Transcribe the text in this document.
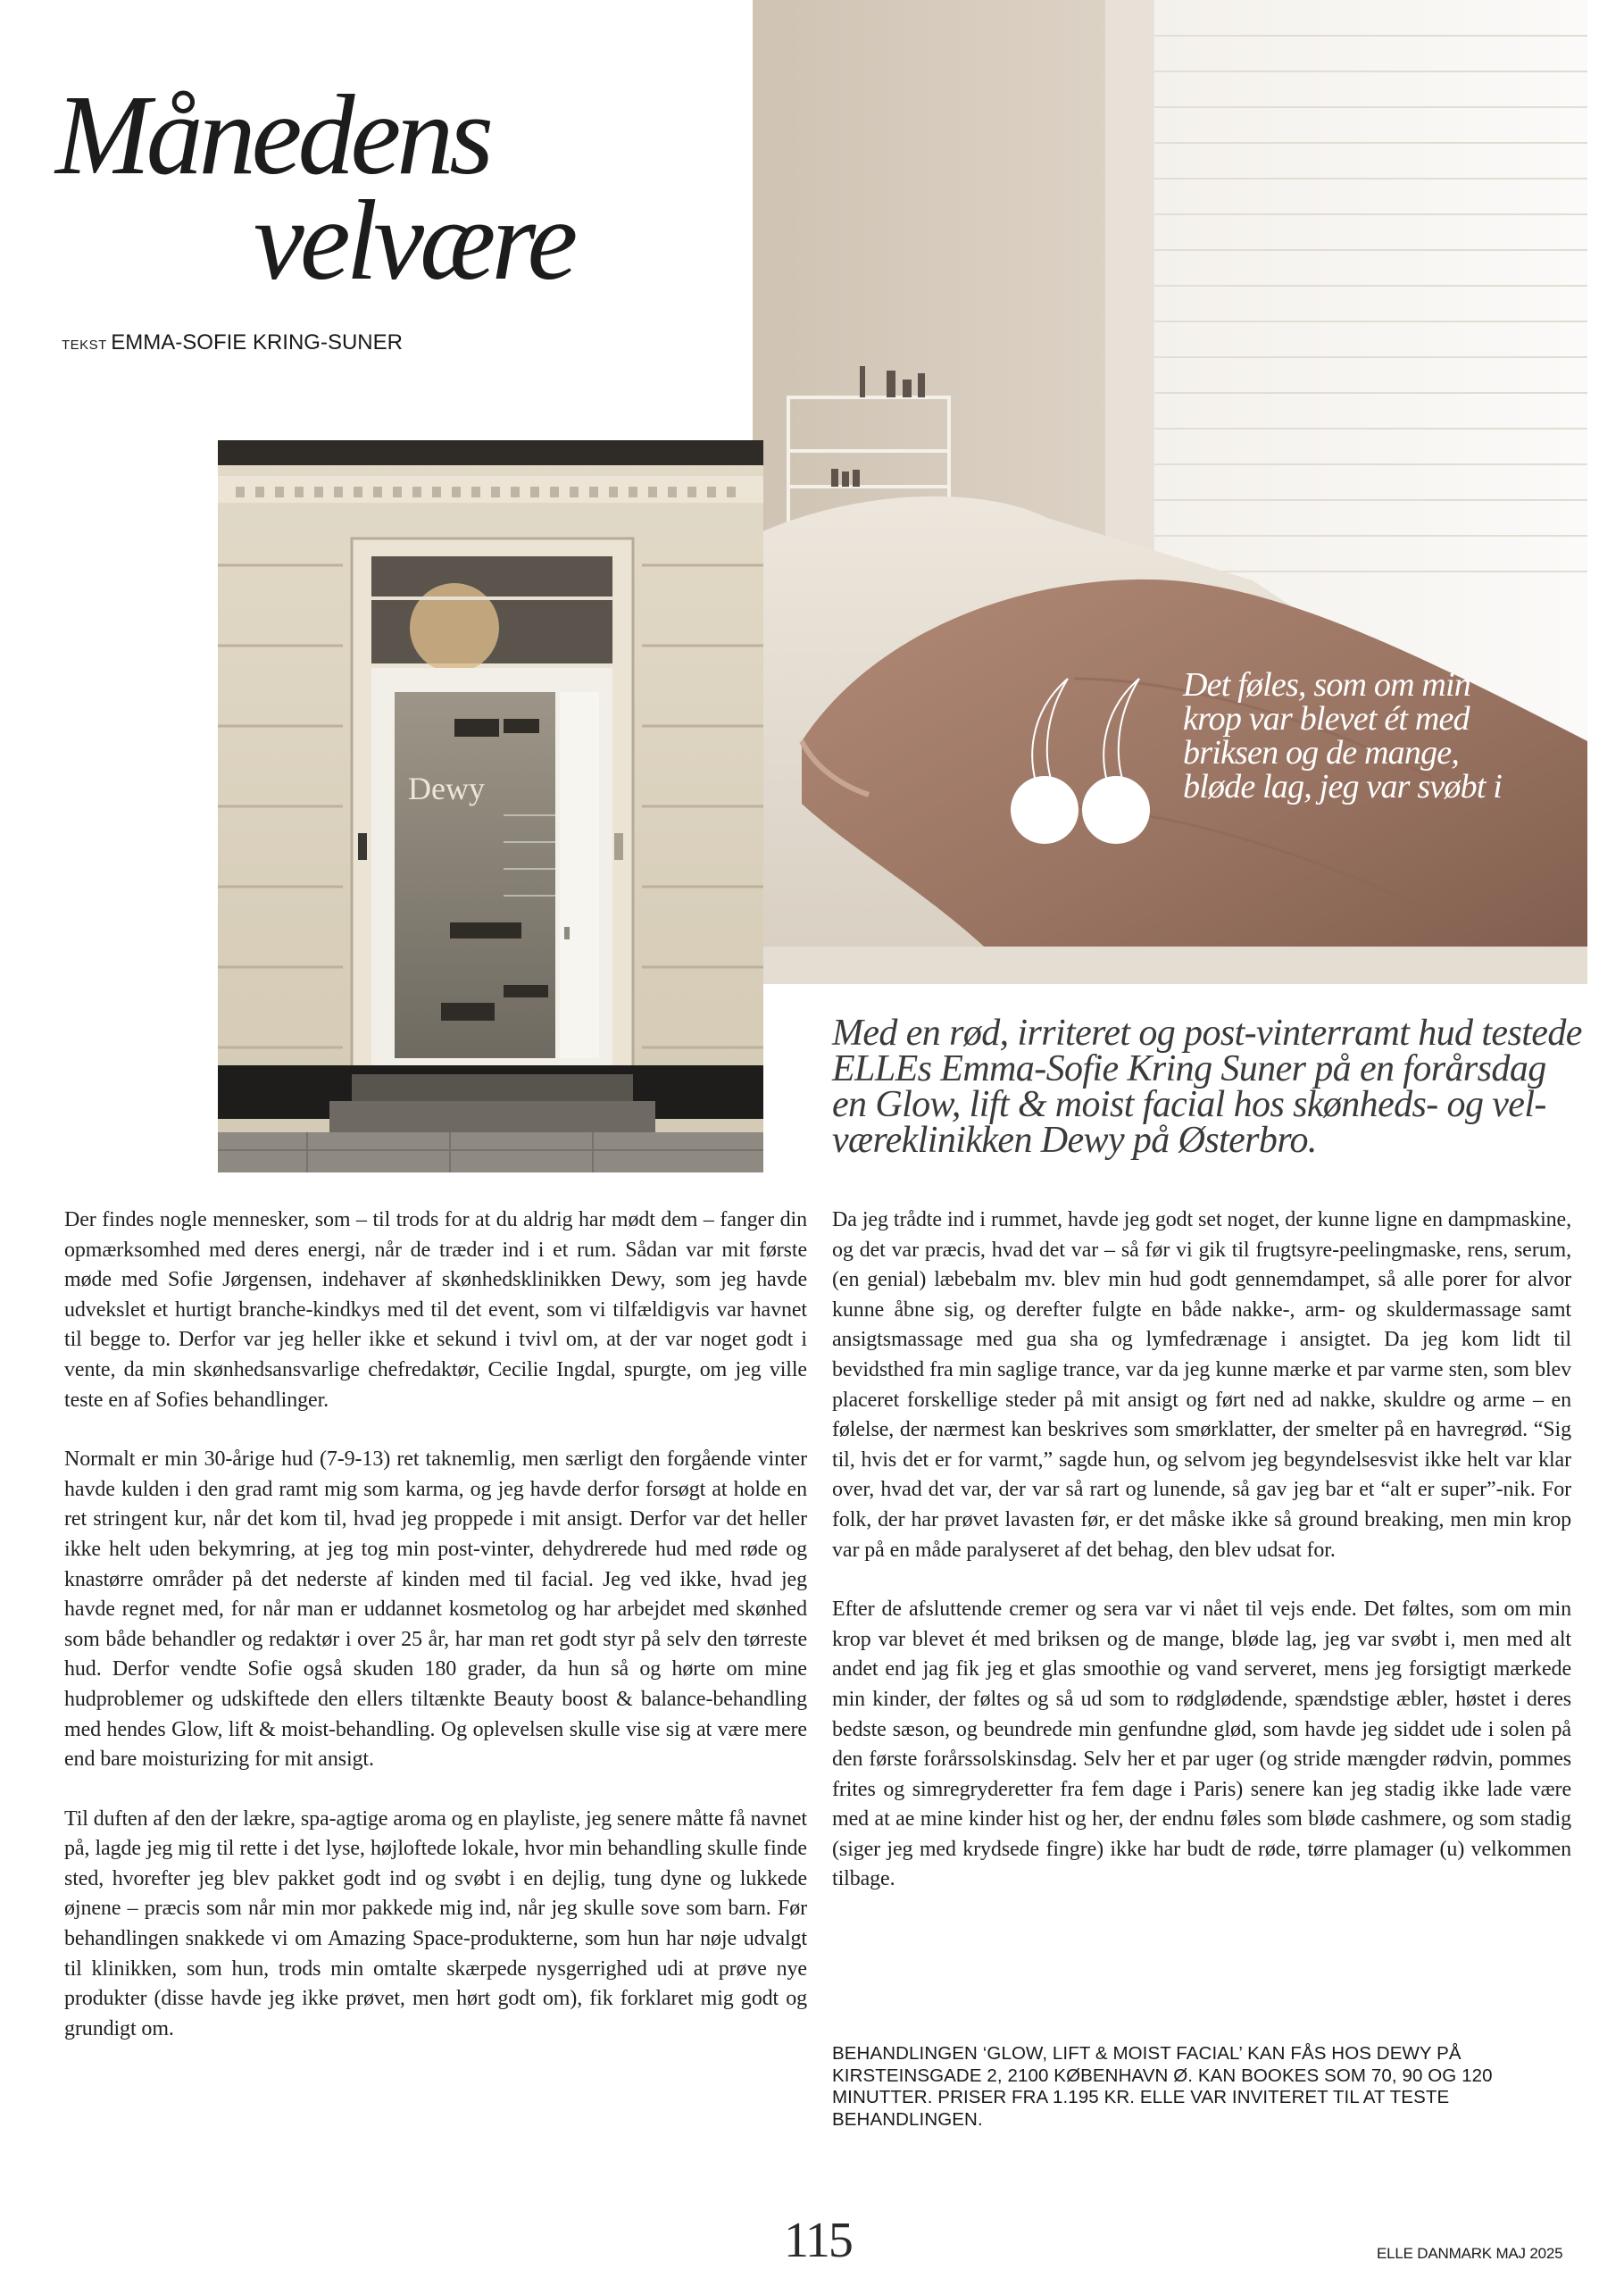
Månedens
velvære
TEKST EMMA-SOFIE KRING-SUNER
Dewy
Det føles, som om min
krop var blevet ét med
briksen og de mange,
bløde lag, jeg var svøbt i
Med en rød, irriteret og post-vinterramt hud testede
ELLEs Emma-Sofie Kring Suner på en forårsdag
en Glow, lift & moist facial hos skønheds- og vel-
væreklinikken Dewy på Østerbro.

Der findes nogle mennesker, som – til trods for at du aldrig har mødt dem – fanger din opmærksomhed med deres energi, når de træder ind i et rum. Sådan var mit første møde med Sofie Jørgensen, indehaver af skønhedsklinikken Dewy, som jeg havde udvekslet et hurtigt branche-kindkys med til det event, som vi tilfældigvis var havnet til begge to. Derfor var jeg heller ikke et sekund i tvivl om, at der var noget godt i vente, da min skønhedsansvarlige chefredaktør, Cecilie Ingdal, spurgte, om jeg ville teste en af Sofies behandlinger.

Normalt er min 30-årige hud (7-9-13) ret taknemlig, men særligt den forgående vinter havde kulden i den grad ramt mig som karma, og jeg havde derfor forsøgt at holde en ret stringent kur, når det kom til, hvad jeg proppede i mit ansigt. Derfor var det heller ikke helt uden bekymring, at jeg tog min post-vinter, dehydrerede hud med røde og knastørre områder på det nederste af kinden med til facial. Jeg ved ikke, hvad jeg havde regnet med, for når man er uddannet kosmetolog og har arbejdet med skønhed som både behandler og redaktør i over 25 år, har man ret godt styr på selv den tørreste hud. Derfor vendte Sofie også skuden 180 grader, da hun så og hørte om mine hudproblemer og udskiftede den ellers tiltænkte Beauty boost & balance-behandling med hendes Glow, lift & moist-behandling. Og oplevelsen skulle vise sig at være mere end bare moisturizing for mit ansigt.

Til duften af den der lækre, spa-agtige aroma og en playliste, jeg senere måtte få navnet på, lagde jeg mig til rette i det lyse, højloftede lokale, hvor min behandling skulle finde sted, hvorefter jeg blev pakket godt ind og svøbt i en dejlig, tung dyne og lukkede øjnene – præcis som når min mor pakkede mig ind, når jeg skulle sove som barn. Før behandlingen snakkede vi om Amazing Space-produkterne, som hun har nøje udvalgt til klinikken, som hun, trods min omtalte skærpede nysgerrighed udi at prøve nye produkter (disse havde jeg ikke prøvet, men hørt godt om), fik forklaret mig godt og grundigt om.

Da jeg trådte ind i rummet, havde jeg godt set noget, der kunne ligne en dampmaskine, og det var præcis, hvad det var – så før vi gik til frugtsyre-peelingmaske, rens, serum, (en genial) læbebalm mv. blev min hud godt gennemdampet, så alle porer for alvor kunne åbne sig, og derefter fulgte en både nakke-, arm- og skuldermassage samt ansigtsmassage med gua sha og lymfedrænage i ansigtet. Da jeg kom lidt til bevidsthed fra min saglige trance, var da jeg kunne mærke et par varme sten, som blev placeret forskellige steder på mit ansigt og ført ned ad nakke, skuldre og arme – en følelse, der nærmest kan beskrives som smørklatter, der smelter på en havregrød. “Sig til, hvis det er for varmt,” sagde hun, og selvom jeg begyndelsesvist ikke helt var klar over, hvad det var, der var så rart og lunende, så gav jeg bar et “alt er super”-nik. For folk, der har prøvet lavasten før, er det måske ikke så ground breaking, men min krop var på en måde paralyseret af det behag, den blev udsat for.

Efter de afsluttende cremer og sera var vi nået til vejs ende. Det føltes, som om min krop var blevet ét med briksen og de mange, bløde lag, jeg var svøbt i, men med alt andet end jag fik jeg et glas smoothie og vand serveret, mens jeg forsigtigt mærkede min kinder, der føltes og så ud som to rødglødende, spændstige æbler, høstet i deres bedste sæson, og beundrede min genfundne glød, som havde jeg siddet ude i solen på den første forårssolskinsdag. Selv her et par uger (og stride mængder rødvin, pommes frites og simregryderetter fra fem dage i Paris) senere kan jeg stadig ikke lade være med at ae mine kinder hist og her, der endnu føles som bløde cashmere, og som stadig (siger jeg med krydsede fingre) ikke har budt de røde, tørre plamager (u) velkommen tilbage.

BEHANDLINGEN ‘GLOW, LIFT & MOIST FACIAL’ KAN FÅS HOS DEWY PÅ KIRSTEINSGADE 2, 2100 KØBENHAVN Ø. KAN BOOKES SOM 70, 90 OG 120 MINUTTER. PRISER FRA 1.195 KR. ELLE VAR INVITERET TIL AT TESTE BEHANDLINGEN.
115	ELLE DANMARK MAJ 2025
